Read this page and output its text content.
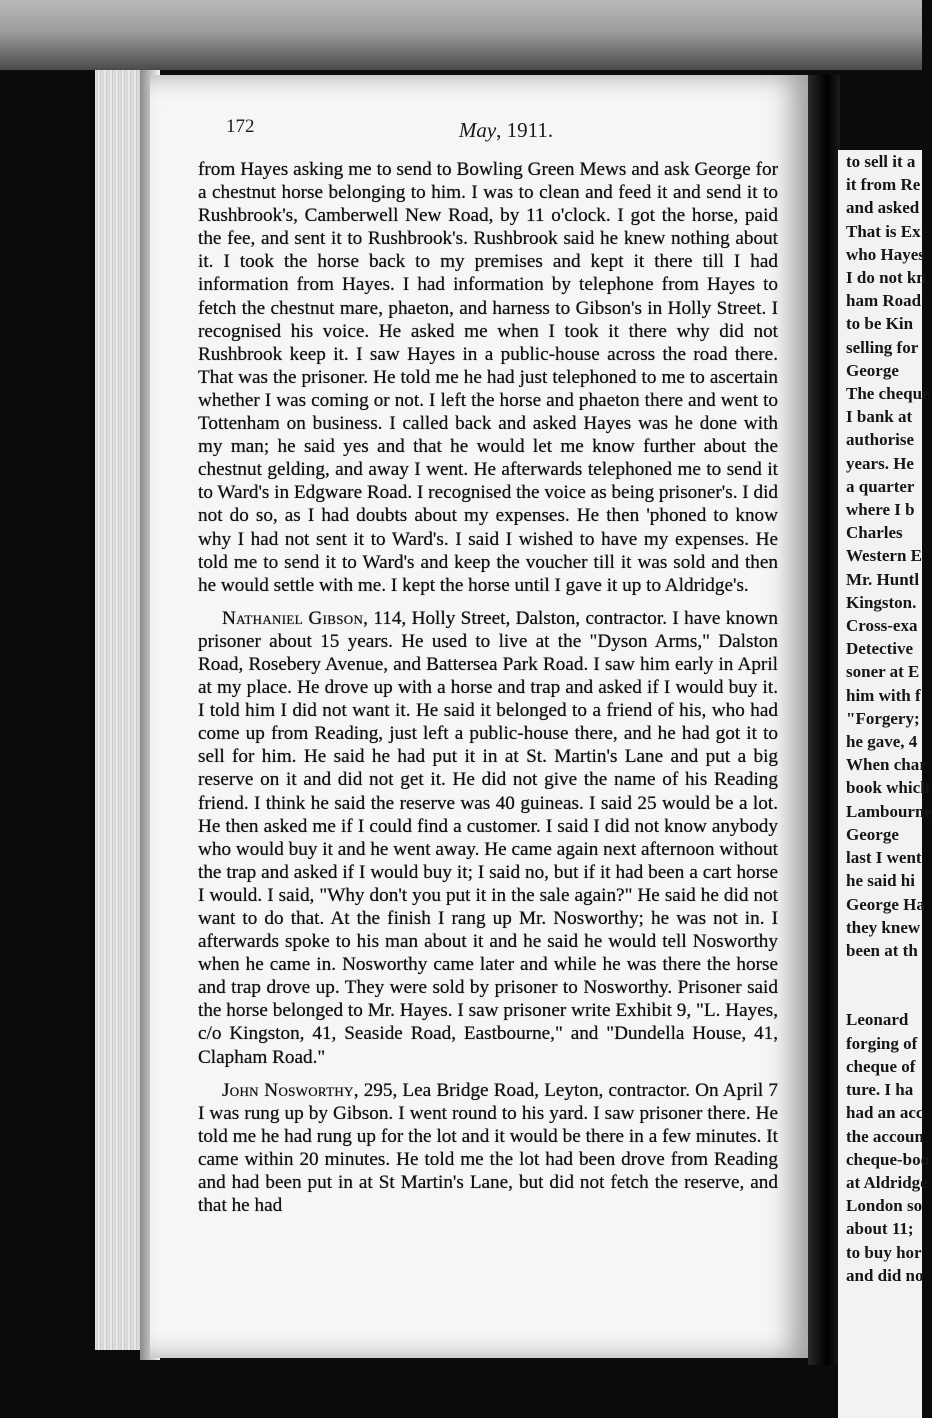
172	May, 1911.

from Hayes asking me to send to Bowling Green Mews and ask George for a chestnut horse belonging to him. I was to clean and feed it and send it to Rushbrook's, Camberwell New Road, by 11 o'clock. I got the horse, paid the fee, and sent it to Rushbrook's. Rushbrook said he knew nothing about it. I took the horse back to my premises and kept it there till I had information from Hayes. I had information by telephone from Hayes to fetch the chestnut mare, phaeton, and harness to Gibson's in Holly Street. I recognised his voice. He asked me when I took it there why did not Rushbrook keep it. I saw Hayes in a public-house across the road there. That was the prisoner. He told me he had just telephoned to me to ascertain whether I was coming or not. I left the horse and phaeton there and went to Tottenham on business. I called back and asked Hayes was he done with my man; he said yes and that he would let me know further about the chestnut gelding, and away I went. He afterwards telephoned me to send it to Ward's in Edgware Road. I recognised the voice as being prisoner's. I did not do so, as I had doubts about my expenses. He then 'phoned to know why I had not sent it to Ward's. I said I wished to have my expenses. He told me to send it to Ward's and keep the voucher till it was sold and then he would settle with me. I kept the horse until I gave it up to Aldridge's.

Nathaniel Gibson, 114, Holly Street, Dalston, contractor. I have known prisoner about 15 years. He used to live at the "Dyson Arms," Dalston Road, Rosebery Avenue, and Battersea Park Road. I saw him early in April at my place. He drove up with a horse and trap and asked if I would buy it. I told him I did not want it. He said it belonged to a friend of his, who had come up from Reading, just left a public-house there, and he had got it to sell for him. He said he had put it in at St. Martin's Lane and put a big reserve on it and did not get it. He did not give the name of his Reading friend. I think he said the reserve was 40 guineas. I said 25 would be a lot. He then asked me if I could find a customer. I said I did not know anybody who would buy it and he went away. He came again next afternoon without the trap and asked if I would buy it; I said no, but if it had been a cart horse I would. I said, "Why don't you put it in the sale again?" He said he did not want to do that. At the finish I rang up Mr. Nosworthy; he was not in. I afterwards spoke to his man about it and he said he would tell Nosworthy when he came in. Nosworthy came later and while he was there the horse and trap drove up. They were sold by prisoner to Nosworthy. Prisoner said the horse belonged to Mr. Hayes. I saw prisoner write Exhibit 9, "L. Hayes, c/o Kingston, 41, Seaside Road, Eastbourne," and "Dundella House, 41, Clapham Road."

John Nosworthy, 295, Lea Bridge Road, Leyton, contractor. On April 7 I was rung up by Gibson. I went round to his yard. I saw prisoner there. He told me he had rung up for the lot and it would be there in a few minutes. It came within 20 minutes. He told me the lot had been drove from Reading and had been put in at St Martin's Lane, but did not fetch the reserve, and that he had

to sell it a
it from Re
and asked
That is Ex
who Hayes
I do not kn
ham Road
to be Kin
selling for
George
The cheque
I bank at
authorise
years. He
a quarter
where I b
Charles
Western E
Mr. Huntl
Kingston.
Cross-exa
Detective
soner at E
him with f
"Forgery;
he gave, 4
When char
book which
Lambourne
George
last I went
he said hi
George Ha
they knew
been at th
Leonard
forging of
cheque of
ture. I ha
had an acc
the accoun
cheque-boo
at Aldridge
London so
about 11;
to buy hor
and did no
